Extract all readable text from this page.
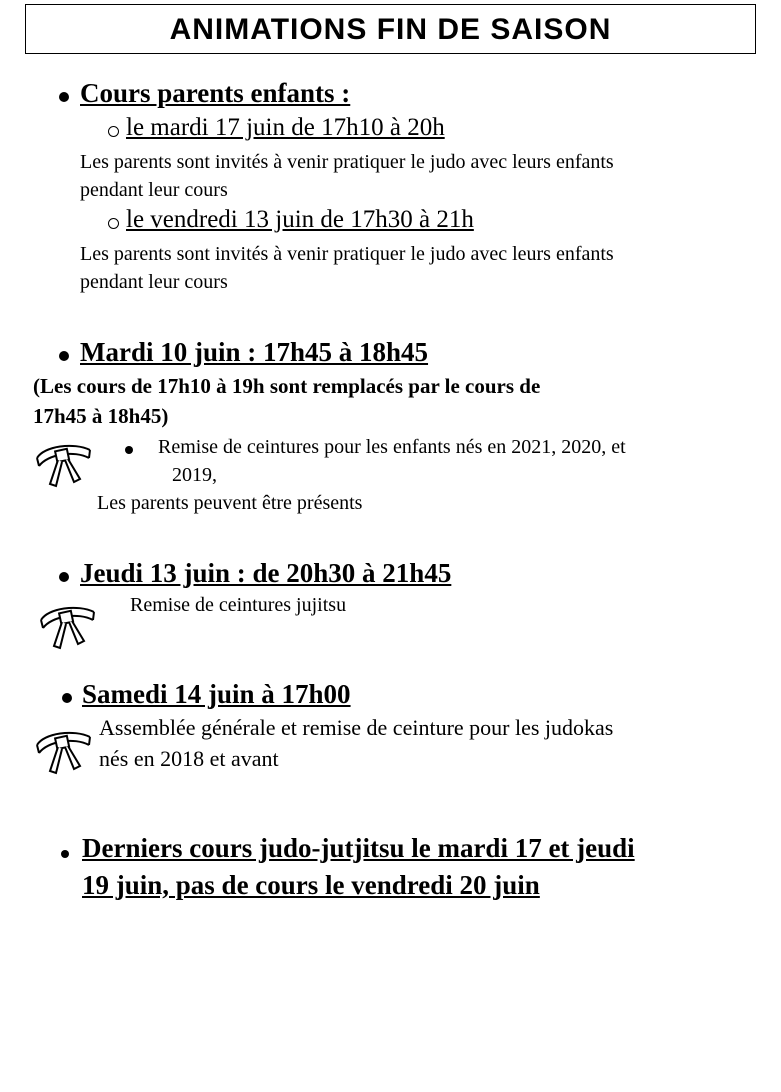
ANIMATIONS FIN DE SAISON
Cours parents enfants :
le mardi 17 juin de 17h10 à 20h
Les parents sont invités à venir pratiquer le judo avec leurs enfants
pendant leur cours
le vendredi 13 juin de 17h30 à 21h
Les parents sont invités à venir pratiquer le judo avec leurs enfants
pendant leur cours
Mardi 10 juin : 17h45 à 18h45
(Les cours de 17h10 à 19h sont remplacés par le cours de
17h45 à 18h45)
Remise de ceintures pour les enfants nés en 2021, 2020, et
2019,
Les parents peuvent être présents
Jeudi 13 juin : de 20h30 à 21h45
Remise de ceintures jujitsu
Samedi 14 juin à 17h00
Assemblée générale et remise de ceinture pour les judokas
nés en 2018 et avant
Derniers cours judo-jutjitsu le mardi 17 et jeudi
19 juin, pas de cours le vendredi 20 juin
